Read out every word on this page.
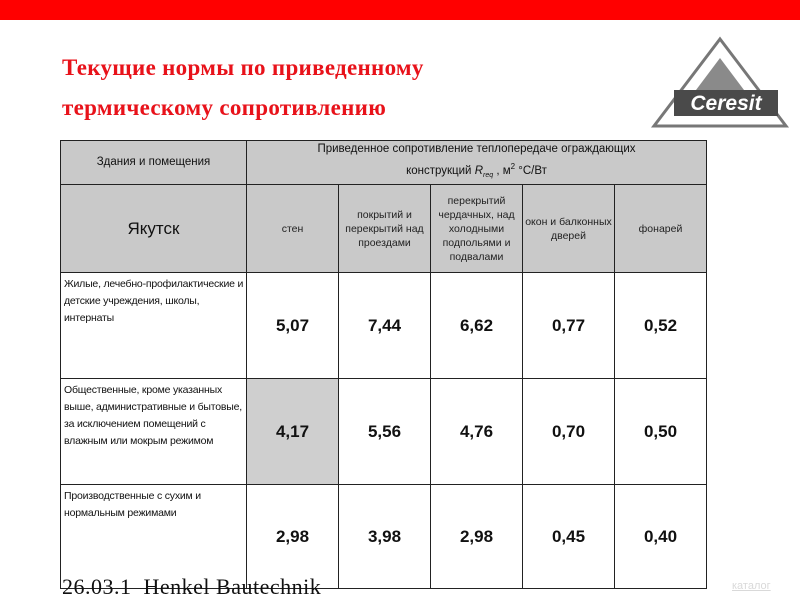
Текущие нормы по приведенному
термическому сопротивлению	Ceresit
Здания и помещения	Приведенное сопротивление теплопередаче ограждающих
конструкций $R_{req}$ , $м^2$ °С/Вт				

Якутск	стен	покрытий и перекрытий над проездами	перекрытий чердачных, над холодными подпольями и подвалами	окон и балконных дверей	фонарей
Жилые, лечебно-профилактические и детские учреждения, школы, интернаты	5,07	7,44	6,62	0,77	0,52
Общественные, кроме указанных выше, административные и бытовые, за исключением помещений с влажным или мокрым режимом	4,17	5,56	4,76	0,70	0,50
Производственные с сухим и нормальным режимами	2,98	3,98	2,98	0,45	0,40
26.03.1 Henkel Bautechnik	каталог
